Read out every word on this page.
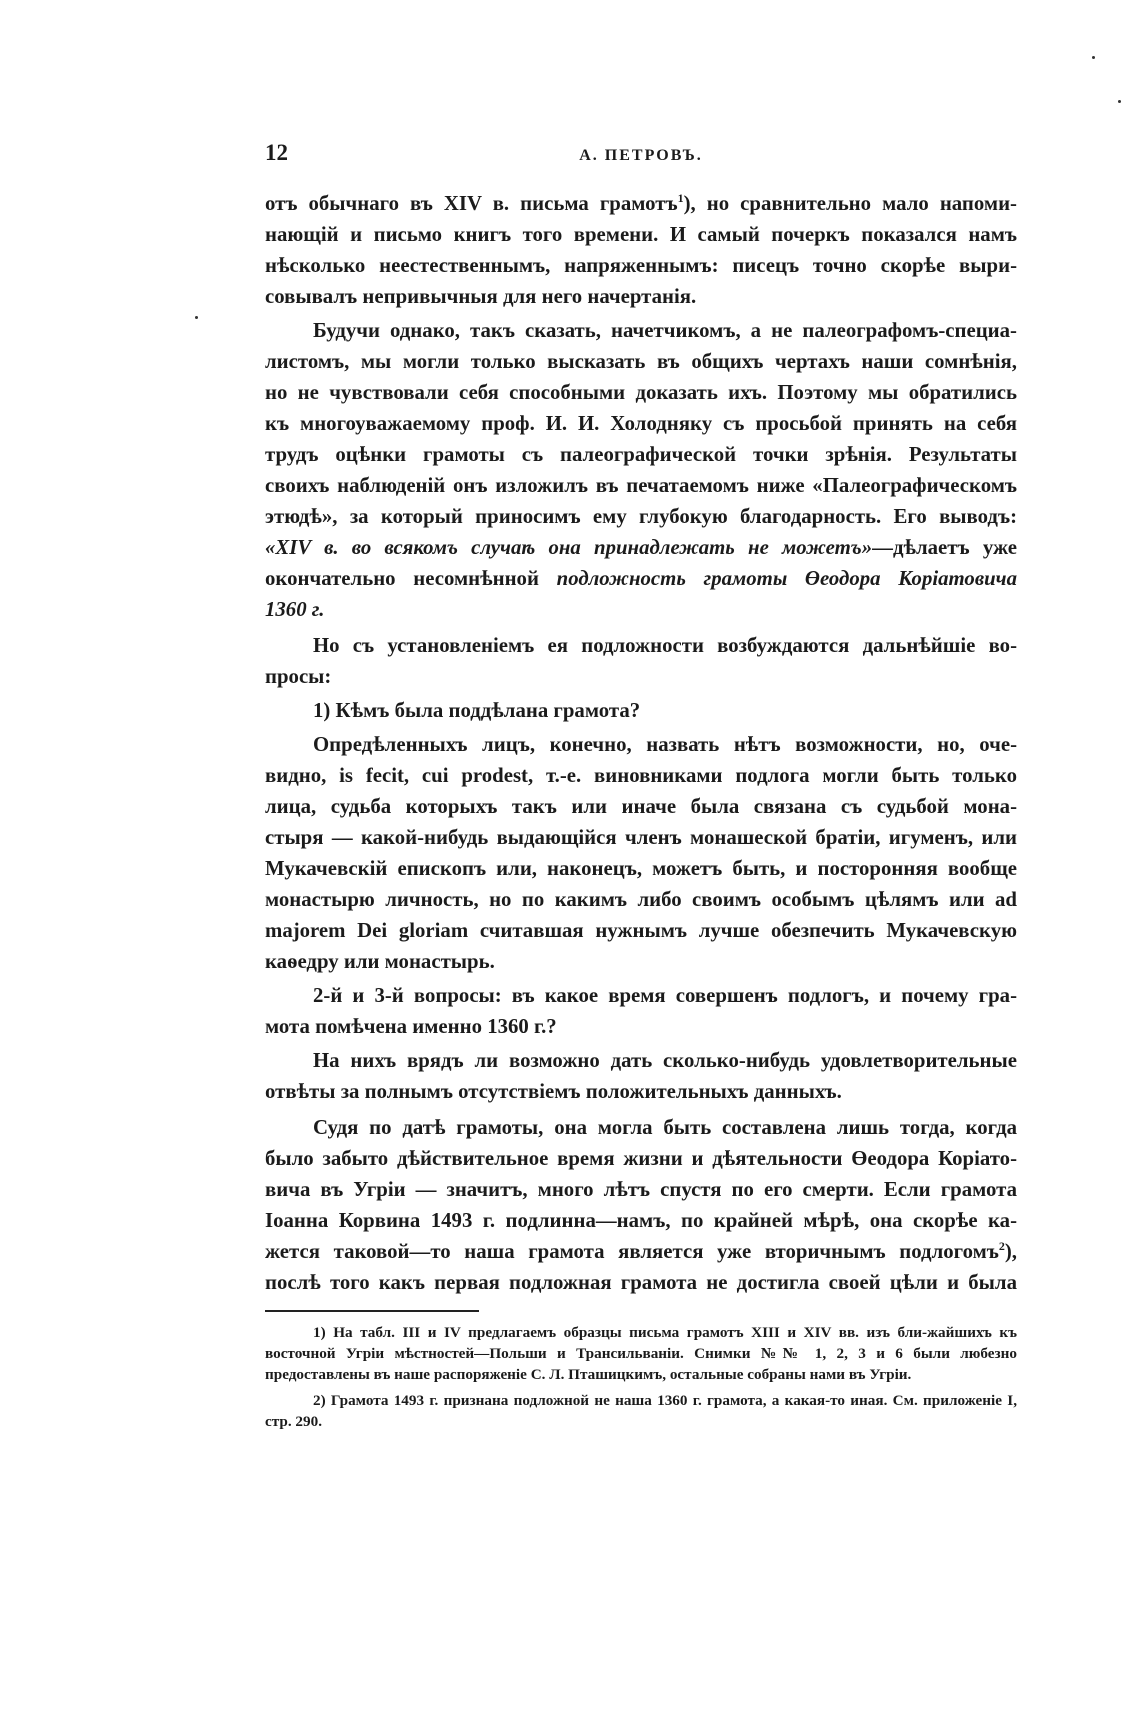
12	А. ПЕТРОВЪ.

отъ обычнаго въ XIV в. письма грамотъ$^1$), но сравнительно мало напоми-

нающій и письмо книгъ того времени. И самый почеркъ показался намъ

нѣсколько неестественнымъ, напряженнымъ: писецъ точно скорѣе выри-

совывалъ непривычныя для него начертанія.

Будучи однако, такъ сказать, начетчикомъ, а не палеографомъ-специа-

листомъ, мы могли только высказать въ общихъ чертахъ наши сомнѣнія,

но не чувствовали себя способными доказать ихъ. Поэтому мы обратились

къ многоуважаемому проф. И. И. Холодняку съ просьбой принять на себя

трудъ оцѣнки грамоты съ палеографической точки зрѣнія. Результаты

своихъ наблюденій онъ изложилъ въ печатаемомъ ниже «Палеографическомъ

этюдѣ», за который приносимъ ему глубокую благодарность. Его выводъ:

«XIV в. во всякомъ случаѣ она принадлежать не можетъ»—дѣлаетъ уже

окончательно несомнѣнной подложность грамоты Өеодора Коріатовича

1360 г.

Но съ установленіемъ ея подложности возбуждаются дальнѣйшіе во-

просы:

1) Кѣмъ была поддѣлана грамота?

Опредѣленныхъ лицъ, конечно, назвать нѣтъ возможности, но, оче-

видно, is fecit, cui prodest, т.-е. виновниками подлога могли быть только

лица, судьба которыхъ такъ или иначе была связана съ судьбой мона-

стыря — какой-нибудь выдающійся членъ монашеской братіи, игуменъ, или

Мукачевскій епископъ или, наконецъ, можетъ быть, и посторонняя вообще

монастырю личность, но по какимъ либо своимъ особымъ цѣлямъ или ad

majorem Dei gloriam считавшая нужнымъ лучше обезпечить Мукачевскую

каѳедру или монастырь.

2-й и 3-й вопросы: въ какое время совершенъ подлогъ, и почему гра-

мота помѣчена именно 1360 г.?

На нихъ врядъ ли возможно дать сколько-нибудь удовлетворительные

отвѣты за полнымъ отсутствіемъ положительныхъ данныхъ.

Судя по датѣ грамоты, она могла быть составлена лишь тогда, когда

было забыто дѣйствительное время жизни и дѣятельности Өеодора Коріато-

вича въ Угріи — значитъ, много лѣтъ спустя по его смерти. Если грамота

Іоанна Корвина 1493 г. подлинна—намъ, по крайней мѣрѣ, она скорѣе ка-

жется таковой—то наша грамота является уже вторичнымъ подлогомъ$^2$),

послѣ того какъ первая подложная грамота не достигла своей цѣли и была

1) На табл. III и IV предлагаемъ образцы письма грамотъ XIII и XIV вв. изъ бли-жайшихъ къ восточной Угріи мѣстностей—Польши и Трансильваніи. Снимки №№ 1, 2, 3 и 6 были любезно предоставлены въ наше распоряженіе С. Л. Пташицкимъ, остальные собраны нами въ Угріи.

2) Грамота 1493 г. признана подложной не наша 1360 г. грамота, а какая-то иная. См. приложеніе I, стр. 290.
